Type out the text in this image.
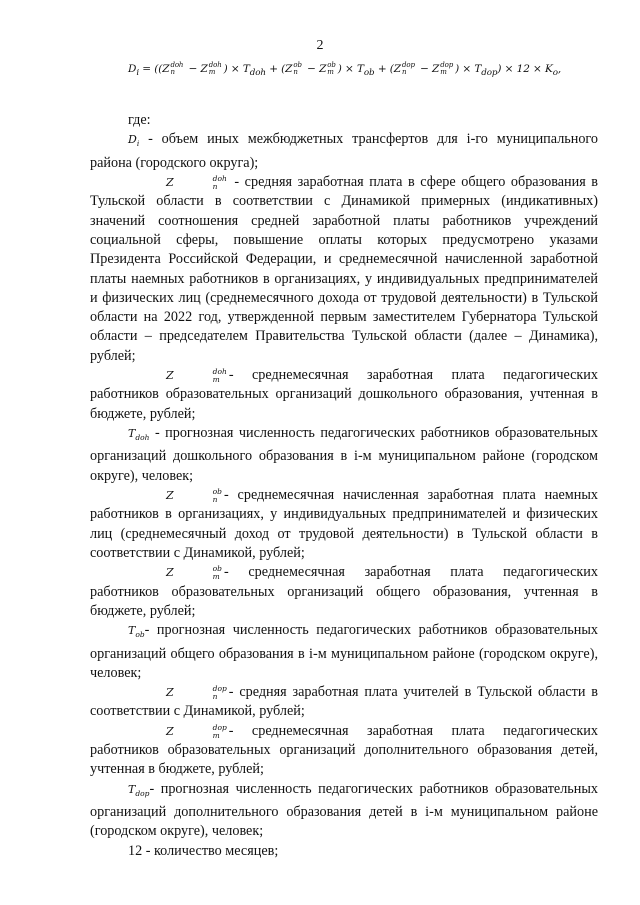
2
$D_i = ((Z$ doh
n	− Z doh
m ) × $T_{doh} + (Z$ ob
n − Z ob
m ) × $T_{ob} + (Z$ dop
n	− Z dop
m ) × $T_{dop}) \times 12 \times K_o$,

где:

$D_i$ - объем иных межбюджетных трансфертов для i-го муниципального района (городского округа);

Z	doh
n - средняя заработная плата в сфере общего образования в Тульской области в соответствии с Динамикой примерных (индикативных) значений соотношения средней заработной платы работников учреждений социальной сферы, повышение оплаты которых предусмотрено указами Президента Российской Федерации, и среднемесячной начисленной заработной платы наемных работников в организациях, у индивидуальных предпринимателей и физических лиц (среднемесячного дохода от трудовой деятельности) в Тульской области на 2022 год, утвержденной первым заместителем Губернатора Тульской области – председателем Правительства Тульской области (далее – Динамика), рублей;

Z	doh
m - среднемесячная заработная плата педагогических работников образовательных организаций дошкольного образования, учтенная в бюджете, рублей;

$T_{doh}$ - прогнозная численность педагогических работников образовательных организаций дошкольного образования в i-м муниципальном районе (городском округе), человек;

Z	ob
n - среднемесячная начисленная заработная плата наемных работников в организациях, у индивидуальных предпринимателей и физических лиц (среднемесячный доход от трудовой деятельности) в Тульской области в соответствии с Динамикой, рублей;

Z	ob
m - среднемесячная заработная плата педагогических работников образовательных организаций общего образования, учтенная в бюджете, рублей;

$T_{ob}-$ прогнозная численность педагогических работников образовательных организаций общего образования в i-м муниципальном районе (городском округе), человек;

Z	dop
n - средняя заработная плата учителей в Тульской области в соответствии с Динамикой, рублей;

Z	dop
m - среднемесячная заработная плата педагогических работников образовательных организаций дополнительного образования детей, учтенная в бюджете, рублей;

$T_{dop}-$ прогнозная численность педагогических работников образовательных организаций дополнительного образования детей в i-м муниципальном районе (городском округе), человек;

12 - количество месяцев;
